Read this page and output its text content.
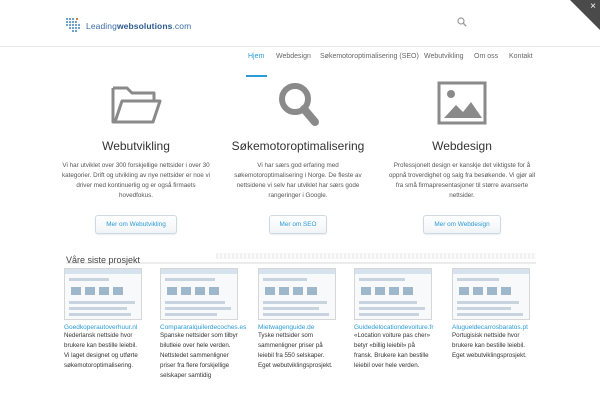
Leadingwebsolutions.com
×
Hjem Webdesign Søkemotoroptimalisering (SEO) Webutvikling Om oss Kontakt
Webutvikling
Vi har utviklet over 300 forskjellige nettsider i over 30 kategorier. Drift og utvikling av nye nettsider er noe vi driver med kontinuerlig og er også firmaets hovedfokus.
Mer om Webutvikling
Søkemotoroptimalisering
Vi har særs god erfaring med søkemotoroptimalisering i Norge. De fleste av nettsidene vi selv har utviklet har særs gode rangeringer i Google.
Mer om SEO
Webdesign
Professjonelt design er kanskje det viktigste for å oppnå troverdighet og salg fra besøkende. Vi gjør all fra små firmapresentasjoner til større avanserte nettsider.
Mer om Webdesign
Våre siste prosjekt
Goedkoperautoverhuur.nl
Nederlansk nettside hvor brukere kan bestille leiebil. Vi laget designet og utførte søkemotoroptimalisering.
Compararalquilerdecoches.es
Spanske nettsider som tilbyr bilutleie over hele verden. Nettstedet sammenligner priser fra flere forskjellige selskaper samtidig
Mietwagenguide.de
Tyske nettsider som sammenligner priser på leiebil fra 550 selskaper. Eget webutviklingsprosjekt.
Guidedelocationdevoiture.fr
«Location voiture pas cher» betyr «billig leiebil» på fransk. Brukere kan bestille leiebil over hele verden.
Alugueldecarrosbaratos.pt
Portugisisk nettside hvor brukere kan bestille leiebil. Eget webutviklingsprosjekt.
